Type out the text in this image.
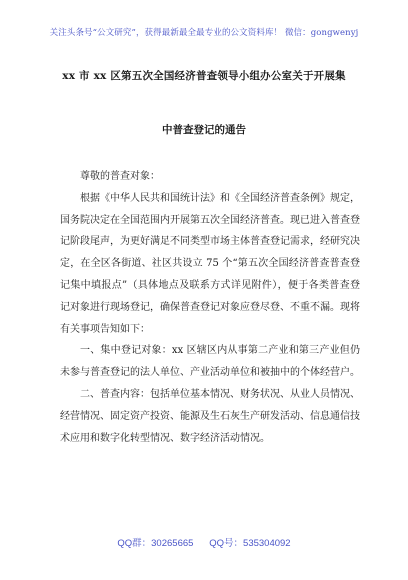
关注头条号“公文研究”，获得最新最全最专业的公文资料库！ 微信：gongwenyj
xx 市 xx 区第五次全国经济普查领导小组办公室关于开展集
中普查登记的通告

尊敬的普查对象：

根据《中华人民共和国统计法》和《全国经济普查条例》规定，国务院决定在全国范围内开展第五次全国经济普查。现已进入普查登记阶段尾声，为更好满足不同类型市场主体普查登记需求，经研究决定，在全区各街道、社区共设立 75 个“第五次全国经济普查普查登记集中填报点”（具体地点及联系方式详见附件），便于各类普查登记对象进行现场登记，确保普查登记对象应登尽登、不重不漏。现将有关事项告知如下：

一、集中登记对象：xx 区辖区内从事第二产业和第三产业但仍未参与普查登记的法人单位、产业活动单位和被抽中的个体经营户。

二、普查内容：包括单位基本情况、财务状况、从业人员情况、经营情况、固定资产投资、能源及生石灰生产研发活动、信息通信技术应用和数字化转型情况、数字经济活动情况。

QQ群：30265665 QQ号：535304092
